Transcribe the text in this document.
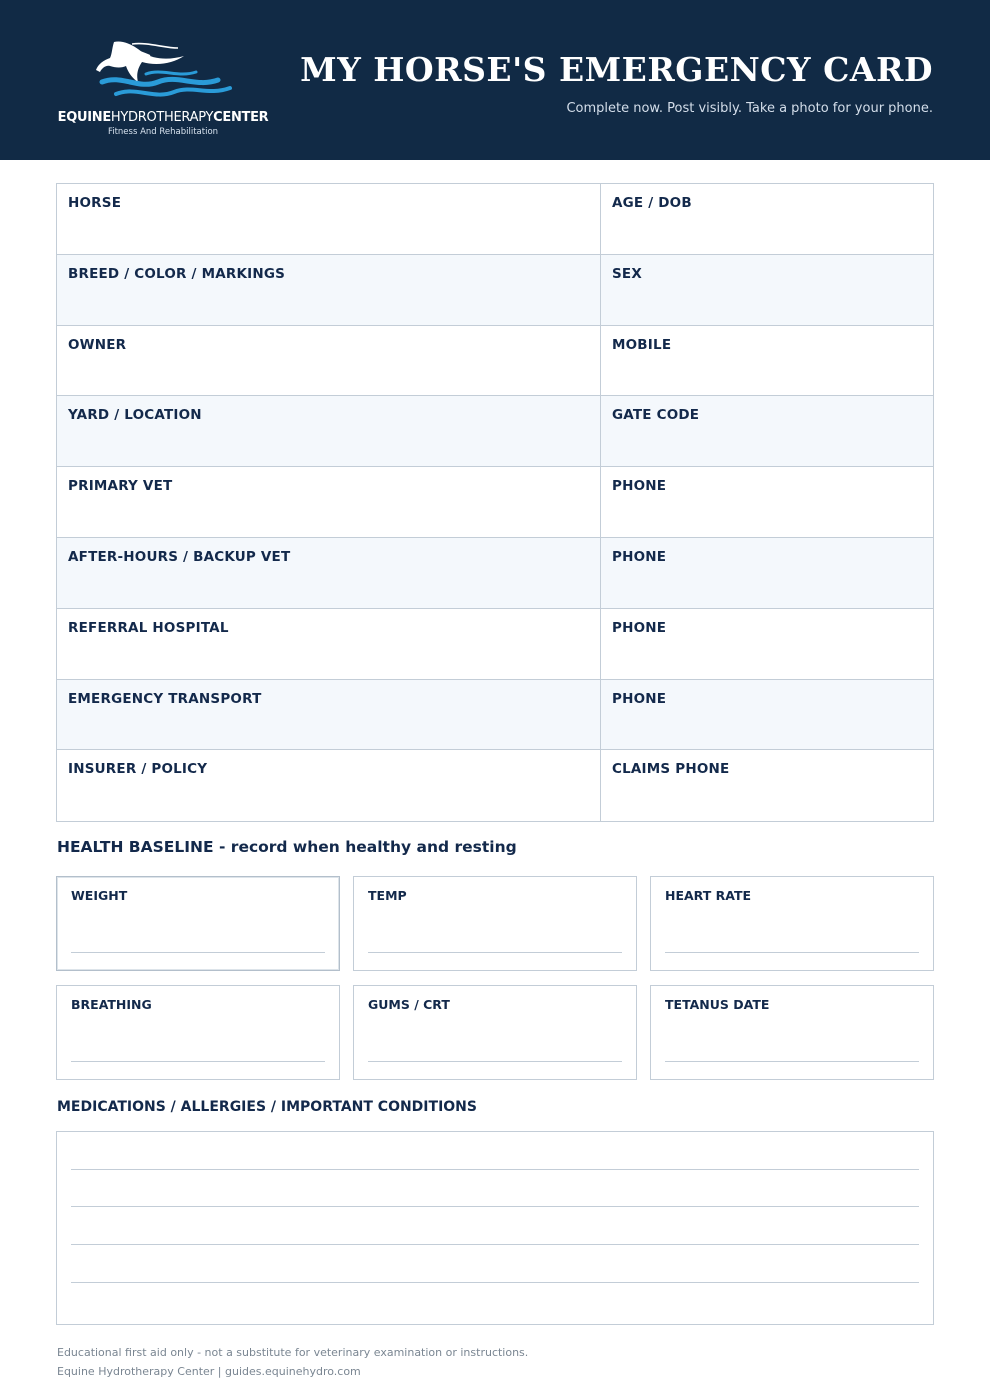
EQUINEHYDROTHERAPYCENTER
Fitness And Rehabilitation
MY HORSE'S EMERGENCY CARD
Complete now. Post visibly. Take a photo for your phone.
HORSE	AGE / DOB
BREED / COLOR / MARKINGS	SEX
OWNER	MOBILE
YARD / LOCATION	GATE CODE
PRIMARY VET	PHONE
AFTER-HOURS / BACKUP VET	PHONE
REFERRAL HOSPITAL	PHONE
EMERGENCY TRANSPORT	PHONE
INSURER / POLICY	CLAIMS PHONE
HEALTH BASELINE - record when healthy and resting
WEIGHT	TEMP	HEART RATE
BREATHING	GUMS / CRT	TETANUS DATE
MEDICATIONS / ALLERGIES / IMPORTANT CONDITIONS
Educational first aid only - not a substitute for veterinary examination or instructions.
Equine Hydrotherapy Center | guides.equinehydro.com
